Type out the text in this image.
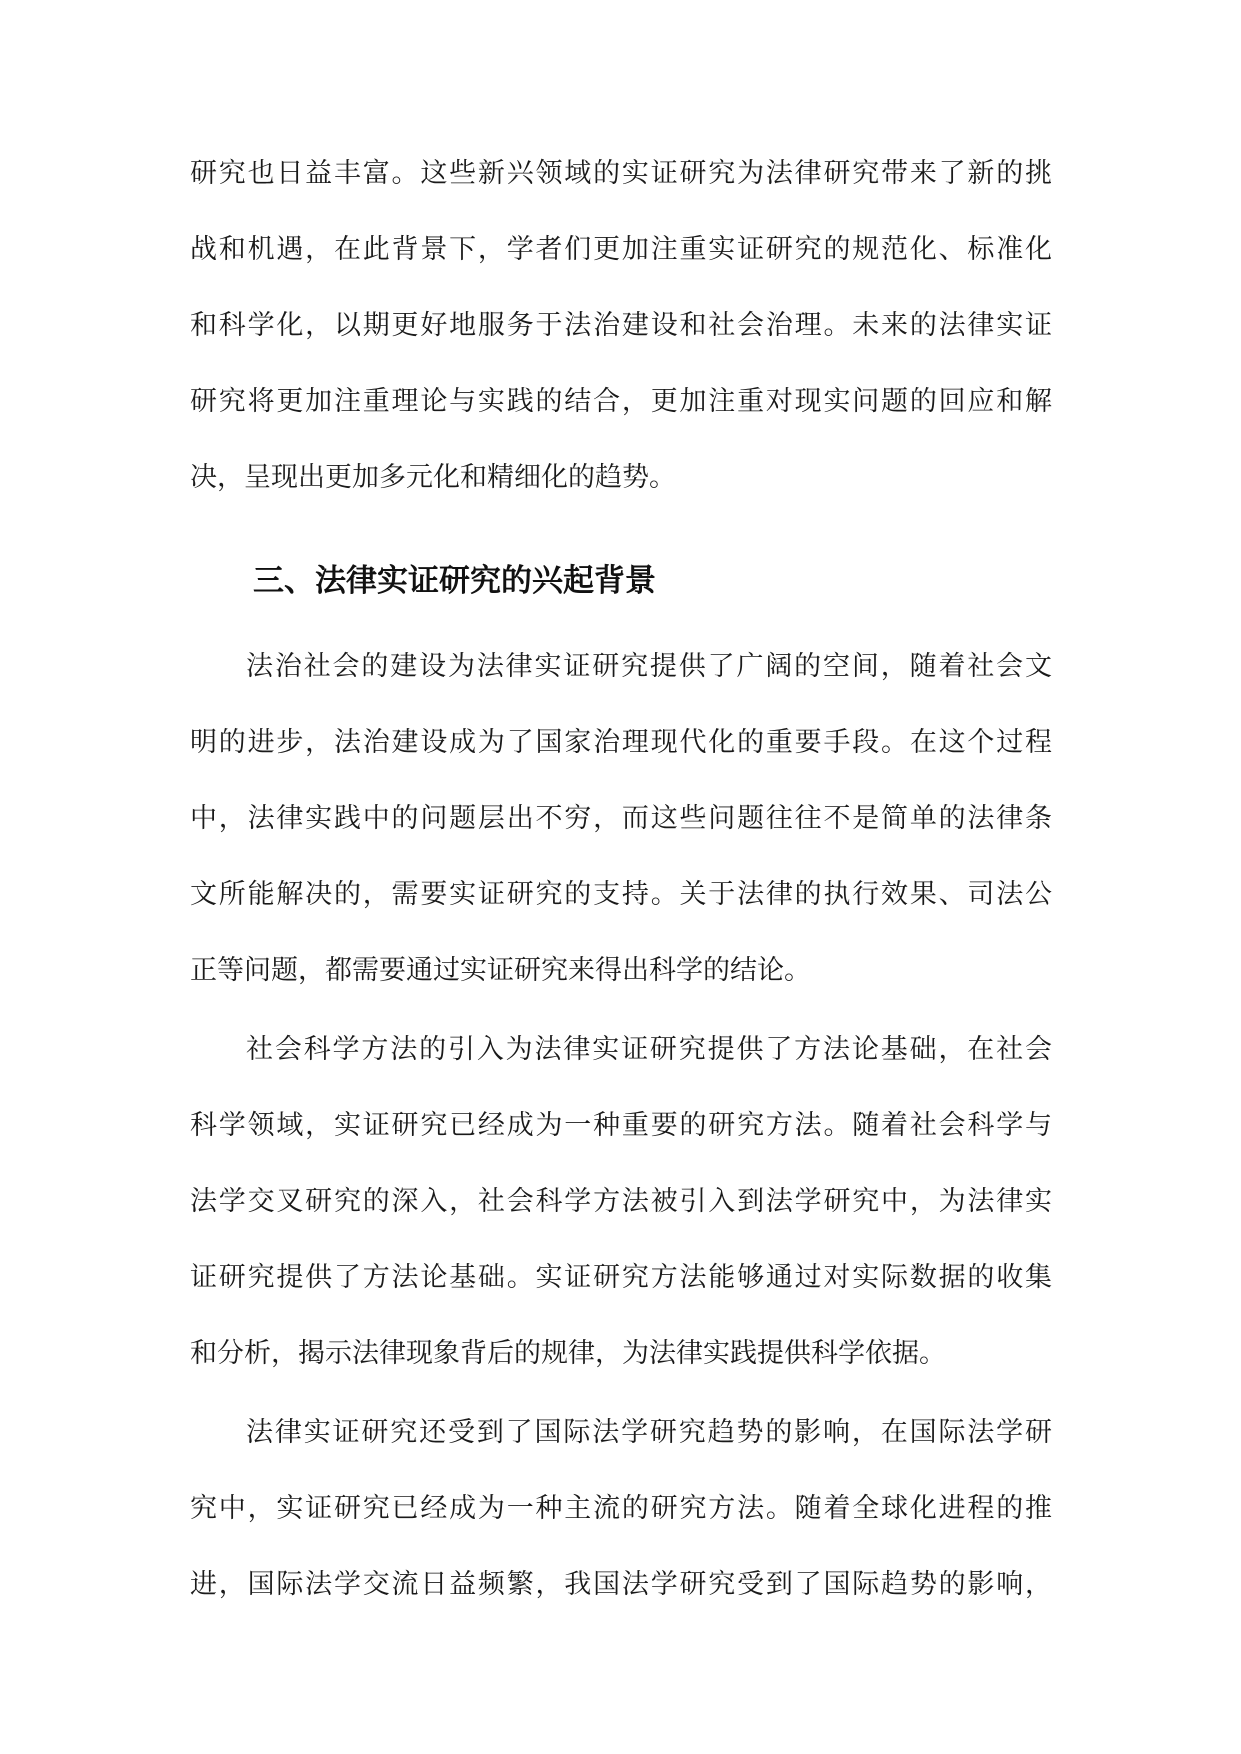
研究也日益丰富。这些新兴领域的实证研究为法律研究带来了新的挑
战和机遇，在此背景下，学者们更加注重实证研究的规范化、标准化
和科学化，以期更好地服务于法治建设和社会治理。未来的法律实证
研究将更加注重理论与实践的结合，更加注重对现实问题的回应和解
决，呈现出更加多元化和精细化的趋势。
三、法律实证研究的兴起背景
法治社会的建设为法律实证研究提供了广阔的空间，随着社会文
明的进步，法治建设成为了国家治理现代化的重要手段。在这个过程
中，法律实践中的问题层出不穷，而这些问题往往不是简单的法律条
文所能解决的，需要实证研究的支持。关于法律的执行效果、司法公
正等问题，都需要通过实证研究来得出科学的结论。
社会科学方法的引入为法律实证研究提供了方法论基础，在社会
科学领域，实证研究已经成为一种重要的研究方法。随着社会科学与
法学交叉研究的深入，社会科学方法被引入到法学研究中，为法律实
证研究提供了方法论基础。实证研究方法能够通过对实际数据的收集
和分析，揭示法律现象背后的规律，为法律实践提供科学依据。
法律实证研究还受到了国际法学研究趋势的影响，在国际法学研
究中，实证研究已经成为一种主流的研究方法。随着全球化进程的推
进，国际法学交流日益频繁，我国法学研究受到了国际趋势的影响，
